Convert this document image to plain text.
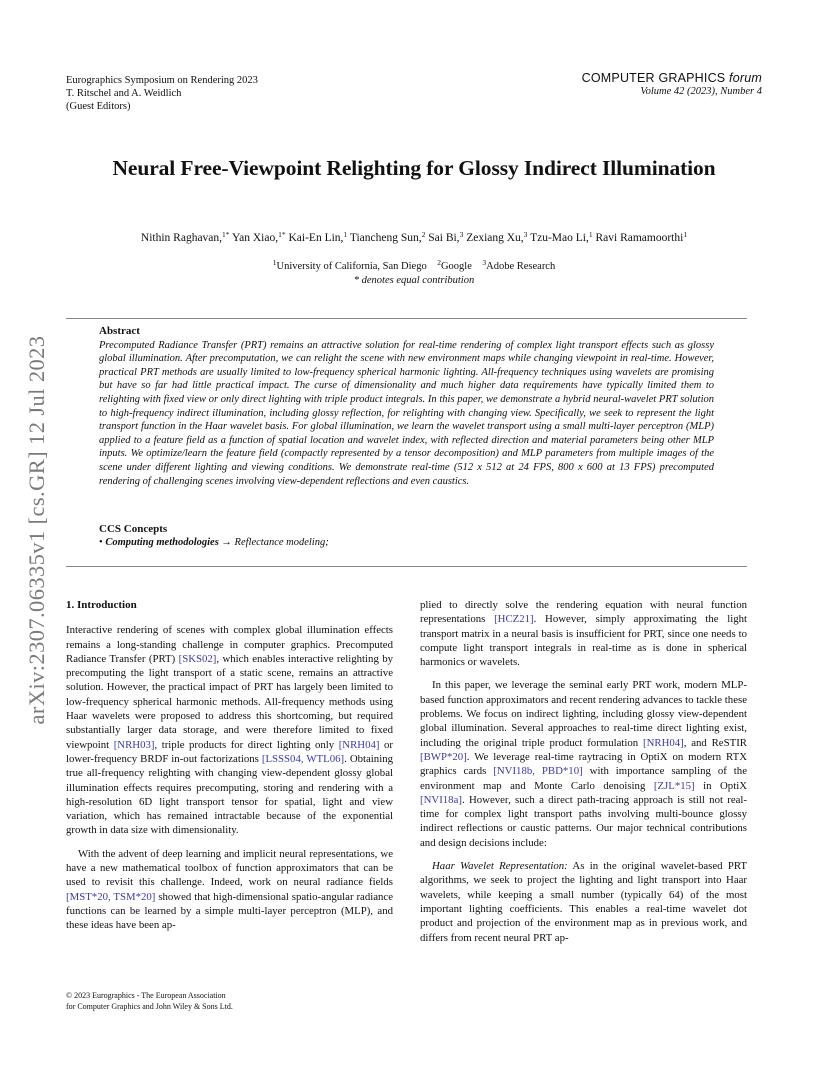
Eurographics Symposium on Rendering 2023
T. Ritschel and A. Weidlich
(Guest Editors)
COMPUTER GRAPHICS forum
Volume 42 (2023), Number 4
Neural Free-Viewpoint Relighting for Glossy Indirect Illumination
Nithin Raghavan,$^{1*}$ Yan Xiao,$^{1*}$ Kai-En Lin,$^1$ Tiancheng Sun,$^2$ Sai Bi,$^3$ Zexiang Xu,$^3$ Tzu-Mao Li,$^1$ Ravi Ramamoorthi$^1$
$^1$University of California, San Diego  $^2$Google  $^3$Adobe Research
* denotes equal contribution
Abstract

Precomputed Radiance Transfer (PRT) remains an attractive solution for real-time rendering of complex light transport effects such as glossy global illumination. After precomputation, we can relight the scene with new environment maps while changing viewpoint in real-time. However, practical PRT methods are usually limited to low-frequency spherical harmonic lighting. All-frequency techniques using wavelets are promising but have so far had little practical impact. The curse of dimensionality and much higher data requirements have typically limited them to relighting with fixed view or only direct lighting with triple product integrals. In this paper, we demonstrate a hybrid neural-wavelet PRT solution to high-frequency indirect illumination, including glossy reflection, for relighting with changing view. Specifically, we seek to represent the light transport function in the Haar wavelet basis. For global illumination, we learn the wavelet transport using a small multi-layer perceptron (MLP) applied to a feature field as a function of spatial location and wavelet index, with reflected direction and material parameters being other MLP inputs. We optimize/learn the feature field (compactly represented by a tensor decomposition) and MLP parameters from multiple images of the scene under different lighting and viewing conditions. We demonstrate real-time (512 x 512 at 24 FPS, 800 x 600 at 13 FPS) precomputed rendering of challenging scenes involving view-dependent reflections and even caustics.

CCS Concepts

• Computing methodologies → Reflectance modeling;

1. Introduction

Interactive rendering of scenes with complex global illumination effects remains a long-standing challenge in computer graphics. Precomputed Radiance Transfer (PRT) [SKS02], which enables interactive relighting by precomputing the light transport of a static scene, remains an attractive solution. However, the practical impact of PRT has largely been limited to low-frequency spherical harmonic methods. All-frequency methods using Haar wavelets were proposed to address this shortcoming, but required substantially larger data storage, and were therefore limited to fixed viewpoint [NRH03], triple products for direct lighting only [NRH04] or lower-frequency BRDF in-out factorizations [LSSS04, WTL06]. Obtaining true all-frequency relighting with changing view-dependent glossy global illumination effects requires precomputing, storing and rendering with a high-resolution 6D light transport tensor for spatial, light and view variation, which has remained intractable because of the exponential growth in data size with dimensionality.

With the advent of deep learning and implicit neural representations, we have a new mathematical toolbox of function approximators that can be used to revisit this challenge. Indeed, work on neural radiance fields [MST*20, TSM*20] showed that high-dimensional spatio-angular radiance functions can be learned by a simple multi-layer perceptron (MLP), and these ideas have been ap-

plied to directly solve the rendering equation with neural function representations [HCZ21]. However, simply approximating the light transport matrix in a neural basis is insufficient for PRT, since one needs to compute light transport integrals in real-time as is done in spherical harmonics or wavelets.

In this paper, we leverage the seminal early PRT work, modern MLP-based function approximators and recent rendering advances to tackle these problems. We focus on indirect lighting, including glossy view-dependent global illumination. Several approaches to real-time direct lighting exist, including the original triple product formulation [NRH04], and ReSTIR [BWP*20]. We leverage real-time raytracing in OptiX on modern RTX graphics cards [NVI18b, PBD*10] with importance sampling of the environment map and Monte Carlo denoising [ZJL*15] in OptiX [NVI18a]. However, such a direct path-tracing approach is still not real-time for complex light transport paths involving multi-bounce glossy indirect reflections or caustic patterns. Our major technical contributions and design decisions include:

Haar Wavelet Representation: As in the original wavelet-based PRT algorithms, we seek to project the lighting and light transport into Haar wavelets, while keeping a small number (typically 64) of the most important lighting coefficients. This enables a real-time wavelet dot product and projection of the environment map as in previous work, and differs from recent neural PRT ap-

arXiv:2307.06335v1 [cs.GR] 12 Jul 2023
© 2023 Eurographics - The European Association
for Computer Graphics and John Wiley & Sons Ltd.
